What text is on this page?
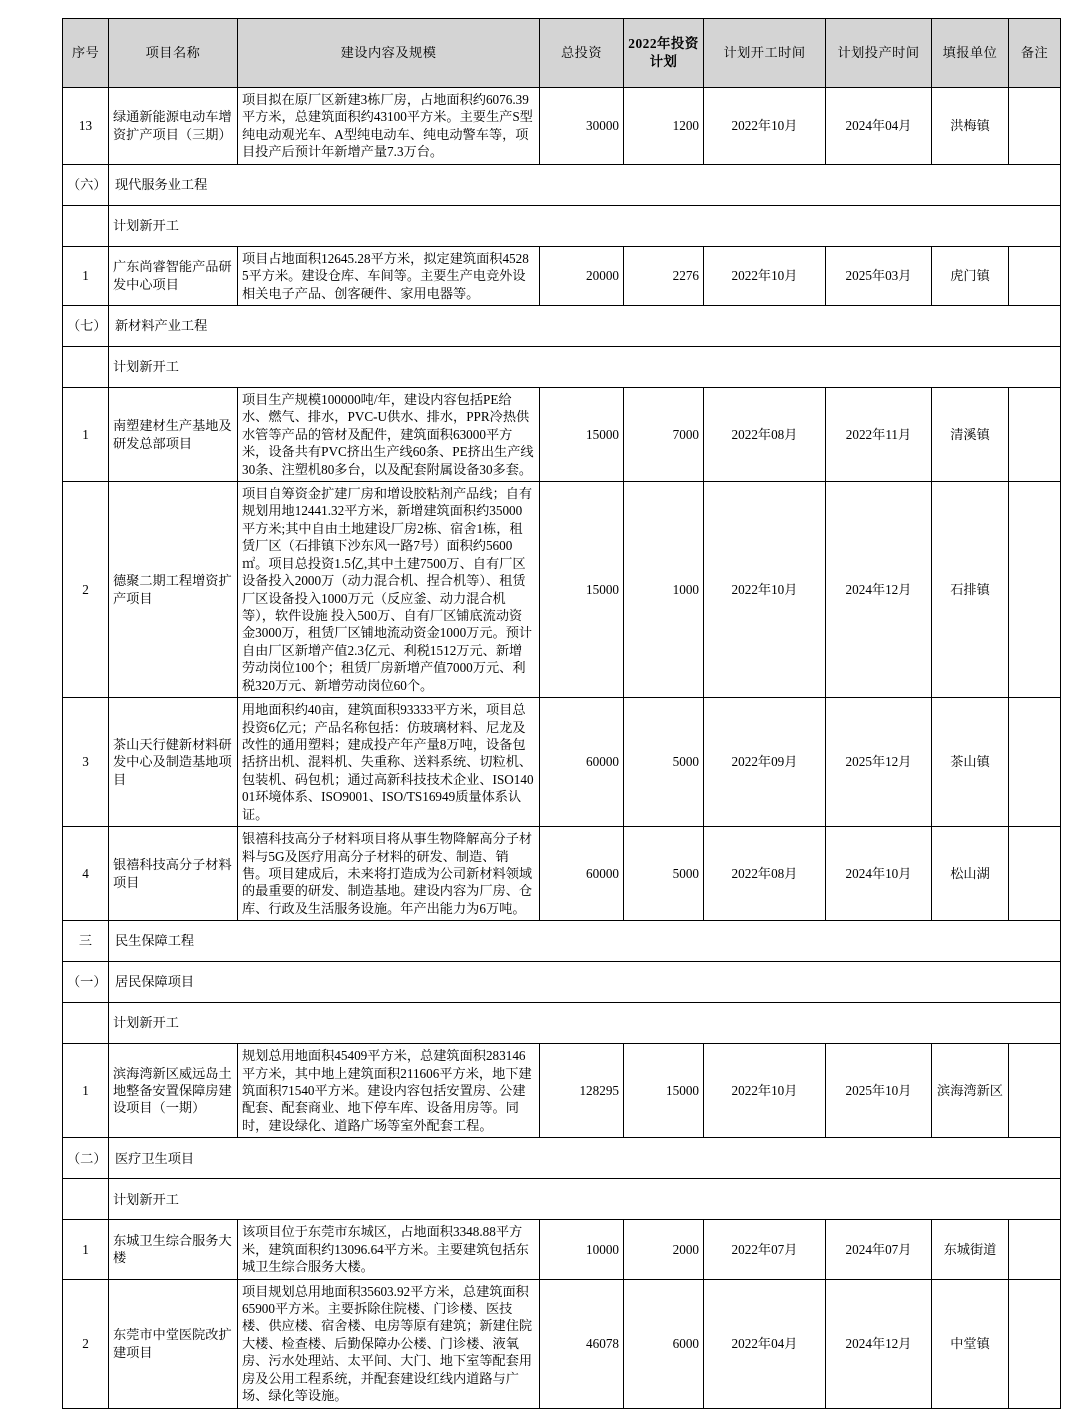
序号	项目名称	建设内容及规模	总投资	2022年投资计划	计划开工时间	计划投产时间	填报单位	备注
13	绿通新能源电动车增资扩产项目（三期）	项目拟在原厂区新建3栋厂房，占地面积约6076.39平方米，总建筑面积约43100平方米。主要生产S型纯电动观光车、A型纯电动车、纯电动警车等，项目投产后预计年新增产量7.3万台。	30000	1200	2022年10月	2024年04月	洪梅镇	
（六）	现代服务业工程							
	计划新开工							
1	广东尚睿智能产品研发中心项目	项目占地面积12645.28平方米，拟定建筑面积45285平方米。建设仓库、车间等。主要生产电竞外设相关电子产品、创客硬件、家用电器等。	20000	2276	2022年10月	2025年03月	虎门镇	
（七）	新材料产业工程							
	计划新开工							
1	南塑建材生产基地及研发总部项目	项目生产规模100000吨/年，建设内容包括PE给水、燃气、排水，PVC-U供水、排水，PPR冷热供水管等产品的管材及配件，建筑面积63000平方米，设备共有PVC挤出生产线60条、PE挤出生产线30条、注塑机80多台，以及配套附属设备30多套。	15000	7000	2022年08月	2022年11月	清溪镇	
2	德聚二期工程增资扩产项目	项目自筹资金扩建厂房和增设胶粘剂产品线；自有规划用地12441.32平方米，新增建筑面积约35000平方米;其中自由土地建设厂房2栋、宿舍1栋，租赁厂区（石排镇下沙东风一路7号）面积约5600㎡。项目总投资1.5亿,其中土建7500万、自有厂区设备投入2000万（动力混合机、捏合机等）、租赁厂区设备投入1000万元（反应釜、动力混合机等），软件设施 投入500万、自有厂区铺底流动资金3000万，租赁厂区铺地流动资金1000万元。预计自由厂区新增产值2.3亿元、利税1512万元、新增劳动岗位100个；租赁厂房新增产值7000万元、利税320万元、新增劳动岗位60个。	15000	1000	2022年10月	2024年12月	石排镇	
3	茶山天行健新材料研发中心及制造基地项目	用地面积约40亩，建筑面积93333平方米，项目总投资6亿元；产品名称包括：仿玻璃材料、尼龙及改性的通用塑料；建成投产年产量8万吨，设备包括挤出机、混料机、失重称、送料系统、切粒机、包装机、码包机；通过高新科技技术企业、ISO14001环境体系、ISO9001、ISO/TS16949质量体系认证。	60000	5000	2022年09月	2025年12月	茶山镇	
4	银禧科技高分子材料项目	银禧科技高分子材料项目将从事生物降解高分子材料与5G及医疗用高分子材料的研发、制造、销售。项目建成后，未来将打造成为公司新材料领域的最重要的研发、制造基地。建设内容为厂房、仓库、行政及生活服务设施。年产出能力为6万吨。	60000	5000	2022年08月	2024年10月	松山湖	
三	民生保障工程							
（一）	居民保障项目							
	计划新开工							
1	滨海湾新区威远岛土地整备安置保障房建设项目（一期）	规划总用地面积45409平方米，总建筑面积283146平方米，其中地上建筑面积211606平方米，地下建筑面积71540平方米。建设内容包括安置房、公建配套、配套商业、地下停车库、设备用房等。同时，建设绿化、道路广场等室外配套工程。	128295	15000	2022年10月	2025年10月	滨海湾新区	
（二）	医疗卫生项目							
	计划新开工							
1	东城卫生综合服务大楼	该项目位于东莞市东城区，占地面积3348.88平方米，建筑面积约13096.64平方米。主要建筑包括东城卫生综合服务大楼。	10000	2000	2022年07月	2024年07月	东城街道	
2	东莞市中堂医院改扩建项目	项目规划总用地面积35603.92平方米，总建筑面积65900平方米。主要拆除住院楼、门诊楼、医技楼、供应楼、宿舍楼、电房等原有建筑；新建住院大楼、检查楼、后勤保障办公楼、门诊楼、液氧房、污水处理站、太平间、大门、地下室等配套用房及公用工程系统，并配套建设红线内道路与广场、绿化等设施。	46078	6000	2022年04月	2024年12月	中堂镇	
